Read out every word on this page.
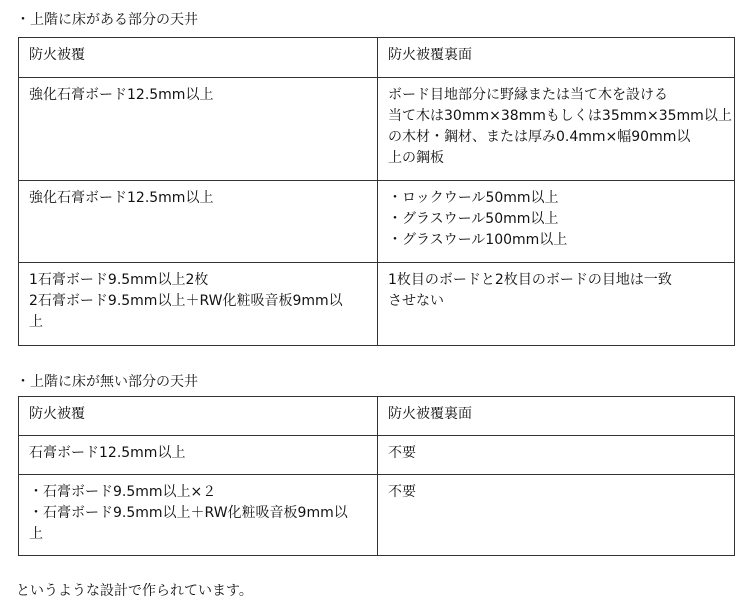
・上階に床がある部分の天井
防火被覆	防火被覆裏面

強化石膏ボード12.5mm以上	ボード目地部分に野縁または当て木を設ける
当て木は30mm×38mmもしくは35mm×35mm以上
の木材・鋼材、または厚み0.4mm×幅90mm以
上の鋼板

強化石膏ボード12.5mm以上	・ロックウール50mm以上
・グラスウール50mm以上
・グラスウール100mm以上

1石膏ボード9.5mm以上2枚
2石膏ボード9.5mm以上＋RW化粧吸音板9mm以
上	1枚目のボードと2枚目のボードの目地は一致
させない
・上階に床が無い部分の天井
防火被覆	防火被覆裏面

石膏ボード12.5mm以上	不要

・石膏ボード9.5mm以上×２
・石膏ボード9.5mm以上＋RW化粧吸音板9mm以
上	不要
というような設計で作られています。
